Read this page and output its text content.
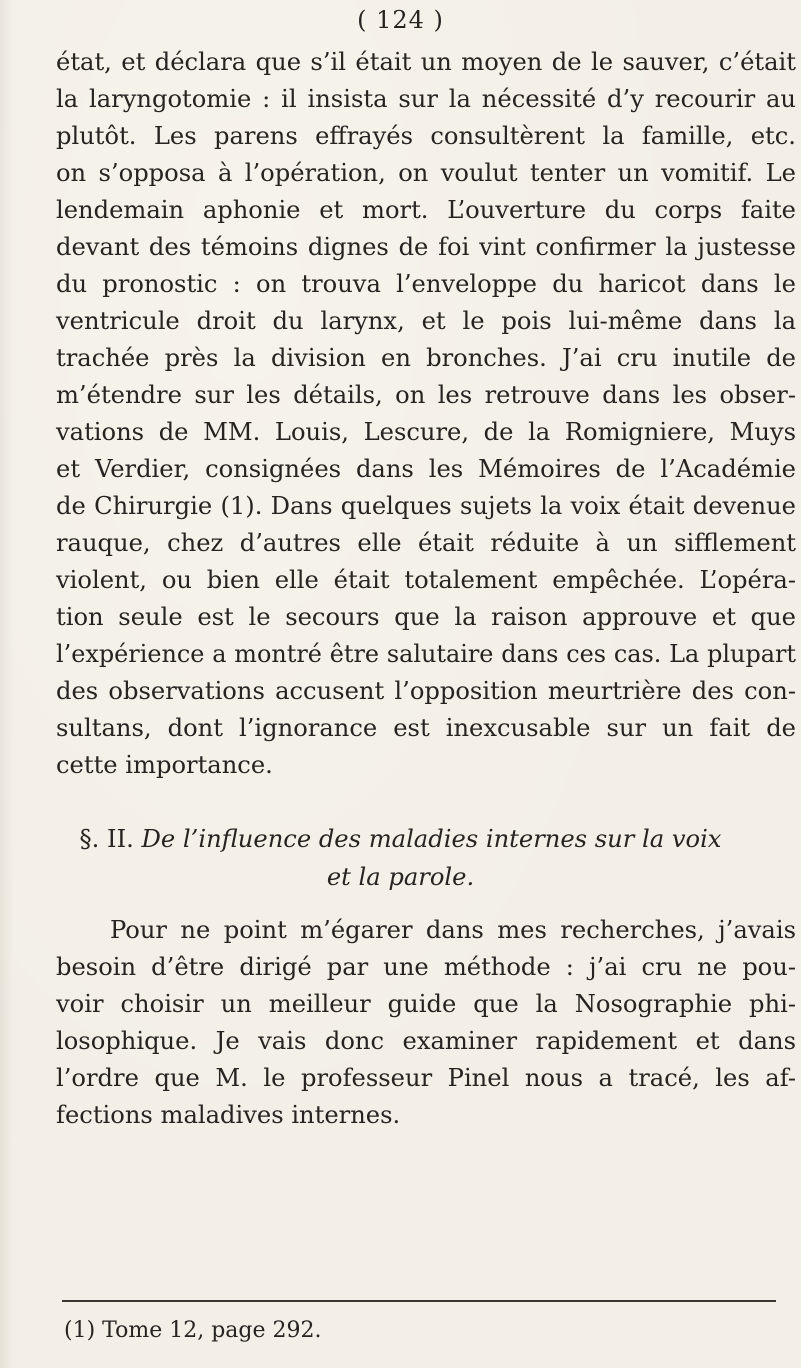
( 124 )
état, et déclara que s’il était un moyen de le sauver, c’était
la laryngotomie : il insista sur la nécessité d’y recourir au
plutôt. Les parens effrayés consultèrent la famille, etc.
on s’opposa à l’opération, on voulut tenter un vomitif. Le
lendemain aphonie et mort. L’ouverture du corps faite
devant des témoins dignes de foi vint confirmer la justesse
du pronostic : on trouva l’enveloppe du haricot dans le
ventricule droit du larynx, et le pois lui-même dans la
trachée près la division en bronches. J’ai cru inutile de
m’étendre sur les détails, on les retrouve dans les obser-
vations de MM. Louis, Lescure, de la Romigniere, Muys
et Verdier, consignées dans les Mémoires de l’Académie
de Chirurgie (1). Dans quelques sujets la voix était devenue
rauque, chez d’autres elle était réduite à un sifflement
violent, ou bien elle était totalement empêchée. L’opéra-
tion seule est le secours que la raison approuve et que
l’expérience a montré être salutaire dans ces cas. La plupart
des observations accusent l’opposition meurtrière des con-
sultans, dont l’ignorance est inexcusable sur un fait de
cette importance.
§. II. De l’influence des maladies internes sur la voix
et la parole.
Pour ne point m’égarer dans mes recherches, j’avais
besoin d’être dirigé par une méthode : j’ai cru ne pou-
voir choisir un meilleur guide que la Nosographie phi-
losophique. Je vais donc examiner rapidement et dans
l’ordre que M. le professeur Pinel nous a tracé, les af-
fections maladives internes.
(1) Tome 12, page 292.
